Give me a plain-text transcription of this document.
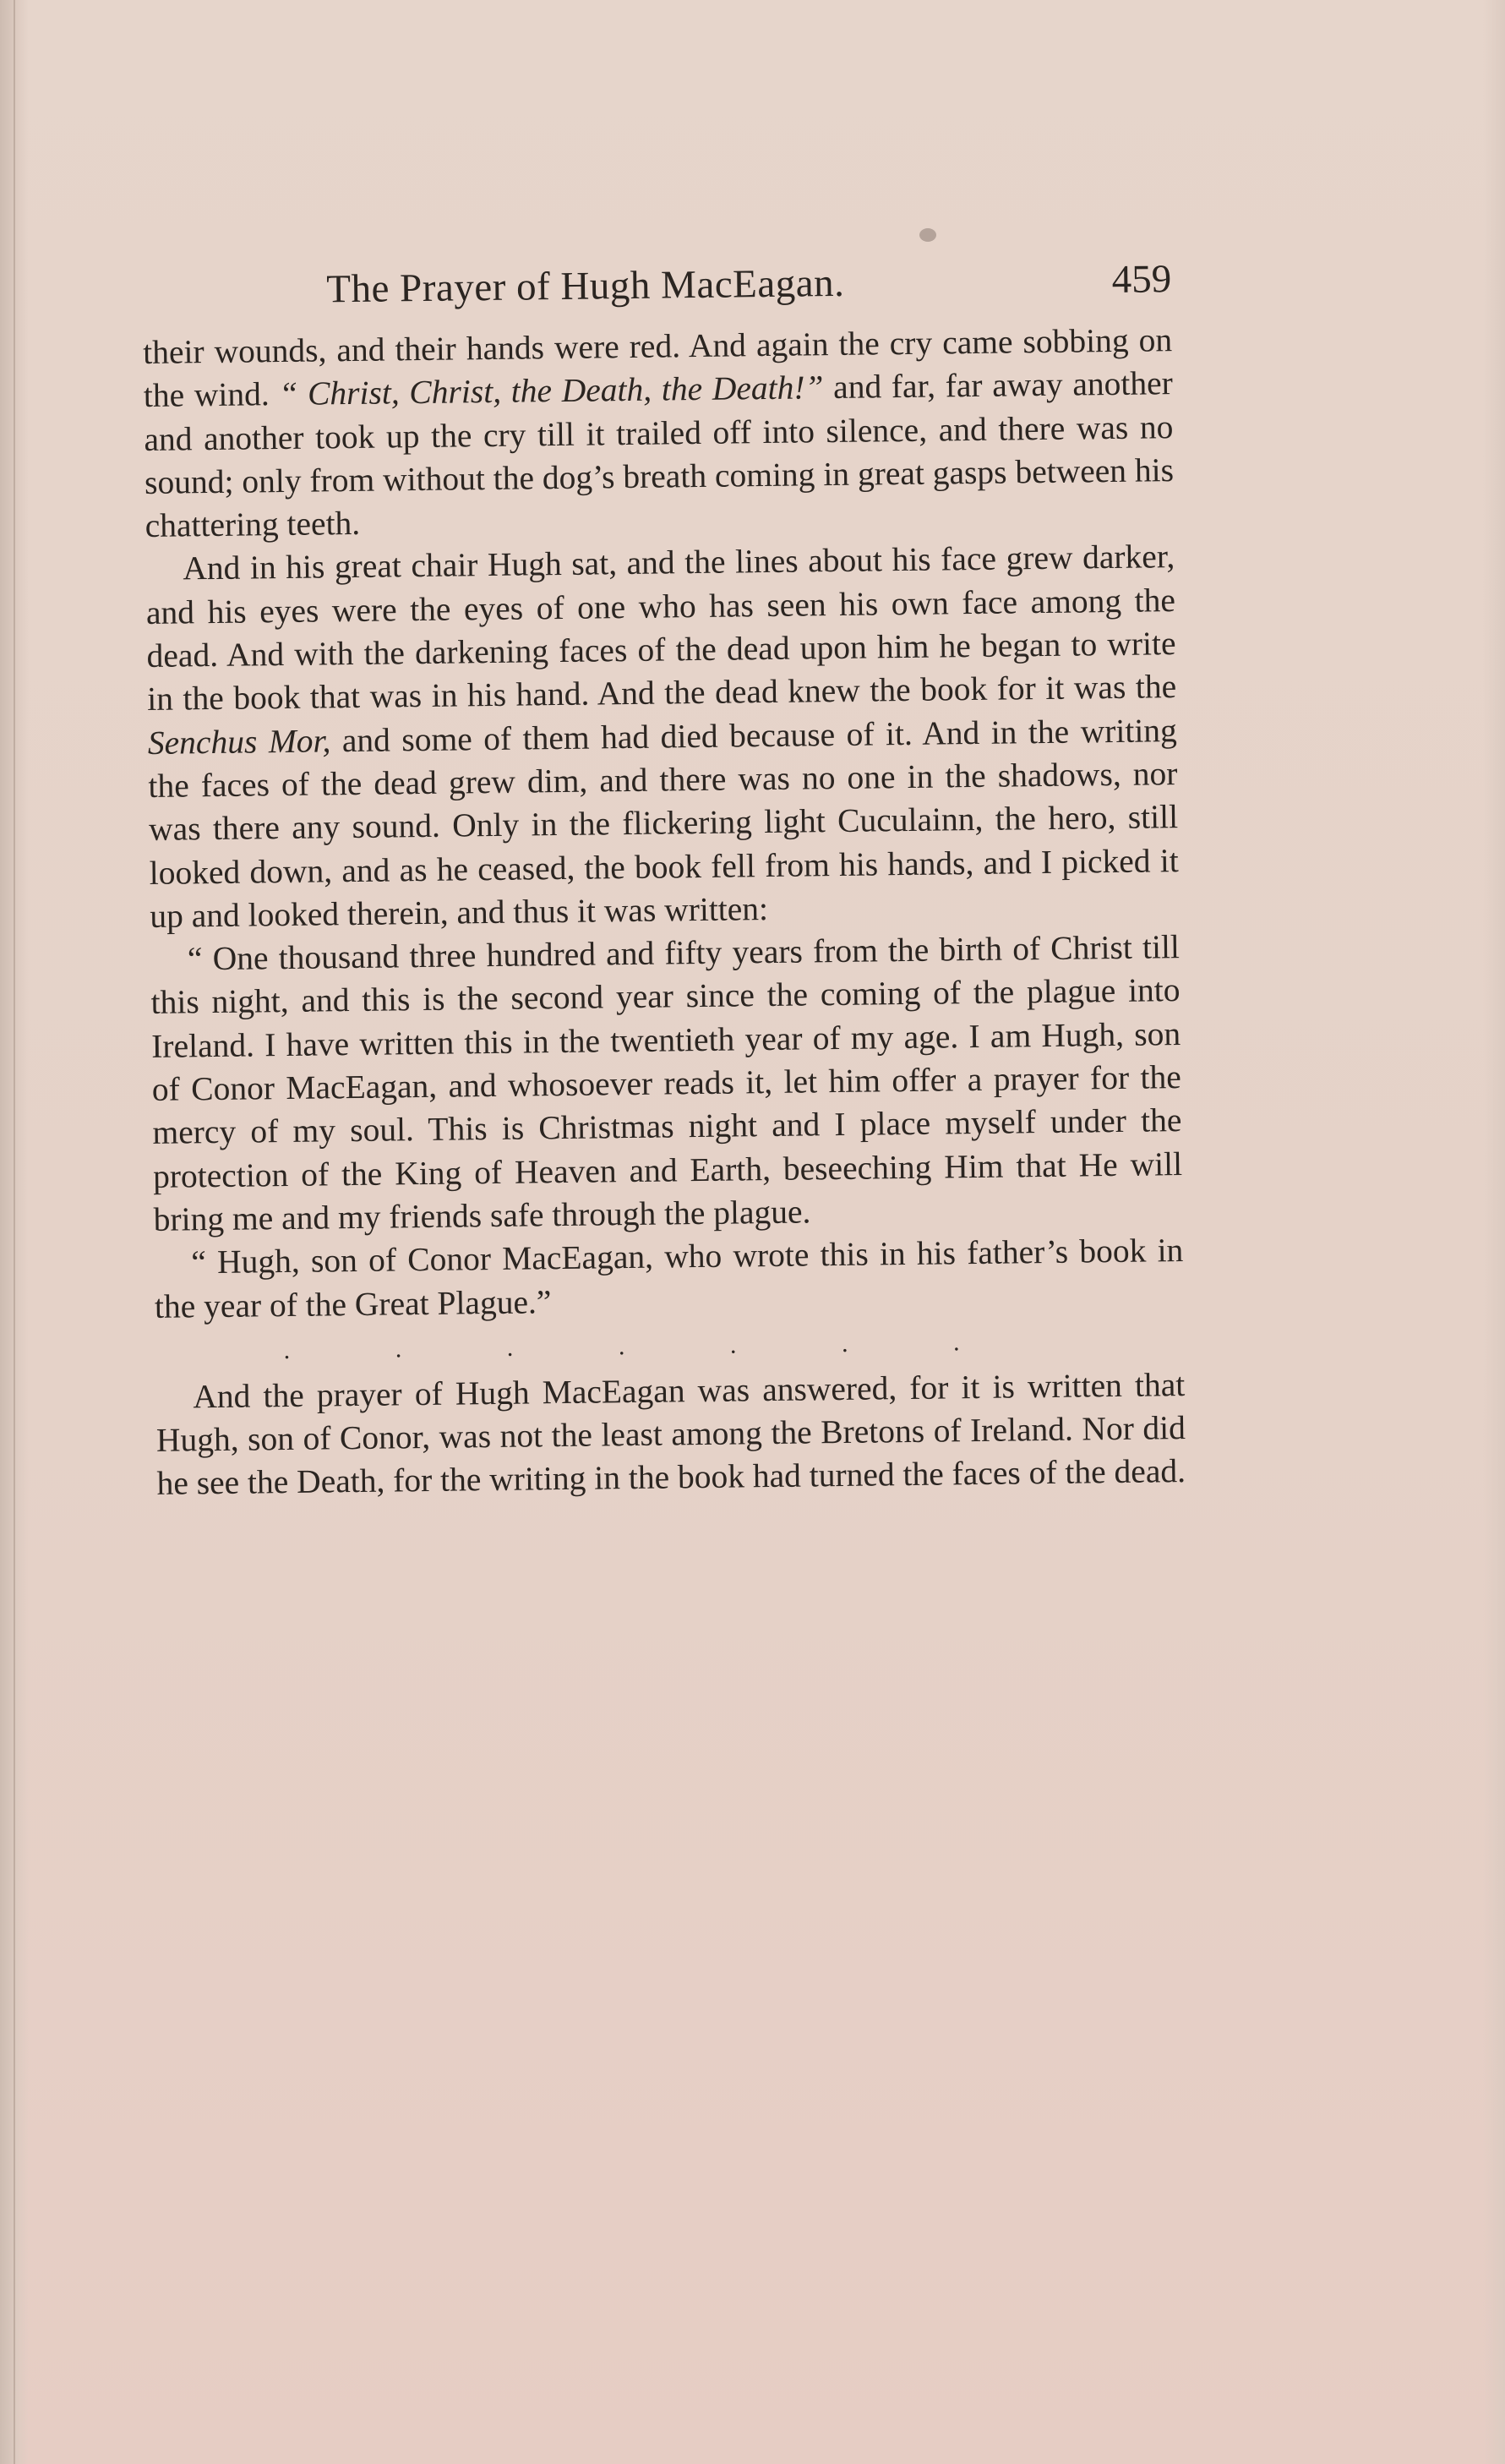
The Prayer of Hugh MacEagan.	459

their wounds, and their hands were red. And again the cry came sobbing on the wind. “ Christ, Christ, the Death, the Death!” and far, far away another and another took up the cry till it trailed off into silence, and there was no sound; only from without the dog’s breath coming in great gasps between his chattering teeth.

And in his great chair Hugh sat, and the lines about his face grew darker, and his eyes were the eyes of one who has seen his own face among the dead. And with the darkening faces of the dead upon him he began to write in the book that was in his hand. And the dead knew the book for it was the Senchus Mor, and some of them had died because of it. And in the writing the faces of the dead grew dim, and there was no one in the shadows, nor was there any sound. Only in the flickering light Cuculainn, the hero, still looked down, and as he ceased, the book fell from his hands, and I picked it up and looked therein, and thus it was written:

“ One thousand three hundred and fifty years from the birth of Christ till this night, and this is the second year since the coming of the plague into Ireland. I have written this in the twentieth year of my age. I am Hugh, son of Conor MacEagan, and whosoever reads it, let him offer a prayer for the mercy of my soul. This is Christmas night and I place myself under the protection of the King of Heaven and Earth, beseeching Him that He will bring me and my friends safe through the plague.

“ Hugh, son of Conor MacEagan, who wrote this in his father’s book in the year of the Great Plague.”

.	.	.	.	.	.	.

And the prayer of Hugh MacEagan was answered, for it is written that Hugh, son of Conor, was not the least among the Bretons of Ireland. Nor did he see the Death, for the writing in the book had turned the faces of the dead.
